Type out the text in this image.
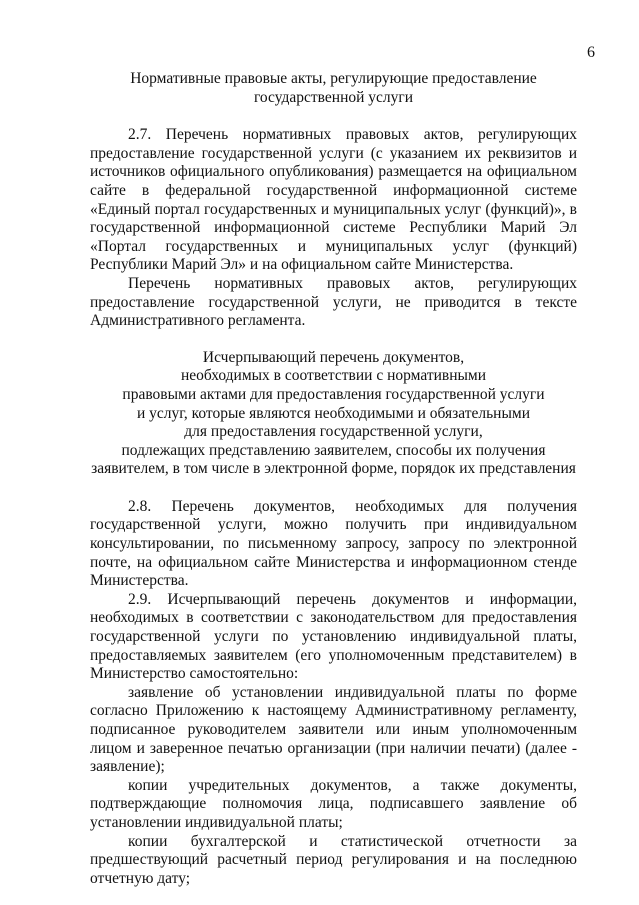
6
Нормативные правовые акты, регулирующие предоставление
государственной услуги

2.7. Перечень нормативных правовых актов, регулирующих предоставление государственной услуги (с указанием их реквизитов и источников официального опубликования) размещается на официальном сайте в федеральной государственной информационной системе «Единый портал государственных и муниципальных услуг (функций)», в государственной информационной системе Республики Марий Эл «Портал государственных и муниципальных услуг (функций) Республики Марий Эл» и на официальном сайте Министерства.

Перечень нормативных правовых актов, регулирующих предоставление государственной услуги, не приводится в тексте Административного регламента.

Исчерпывающий перечень документов,
необходимых в соответствии с нормативными
правовыми актами для предоставления государственной услуги
и услуг, которые являются необходимыми и обязательными
для предоставления государственной услуги,
подлежащих представлению заявителем, способы их получения
заявителем, в том числе в электронной форме, порядок их представления

2.8. Перечень документов, необходимых для получения государственной услуги, можно получить при индивидуальном консультировании, по письменному запросу, запросу по электронной почте, на официальном сайте Министерства и информационном стенде Министерства.

2.9. Исчерпывающий перечень документов и информации, необходимых в соответствии с законодательством для предоставления государственной услуги по установлению индивидуальной платы, предоставляемых заявителем (его уполномоченным представителем) в Министерство самостоятельно:

заявление об установлении индивидуальной платы по форме согласно Приложению к настоящему Административному регламенту, подписанное руководителем заявители или иным уполномоченным лицом и заверенное печатью организации (при наличии печати) (далее - заявление);

копии учредительных документов, а также документы, подтверждающие полномочия лица, подписавшего заявление об установлении индивидуальной платы;

копии бухгалтерской и статистической отчетности за предшествующий расчетный период регулирования и на последнюю отчетную дату;
